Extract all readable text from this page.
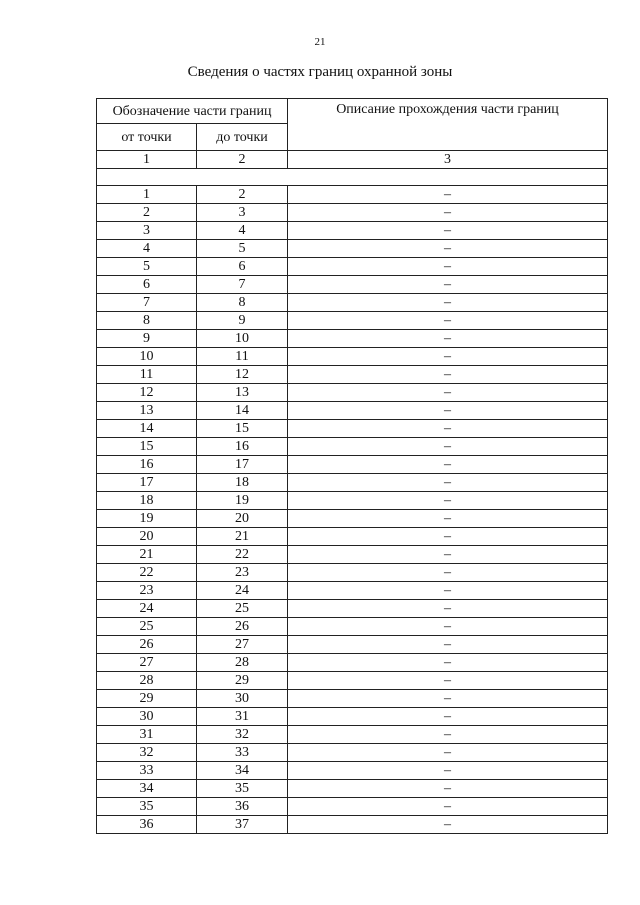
21
Сведения о частях границ охранной зоны
Обозначение части границ		Описание прохождения части границ
от точки	до точки	
1	2	3

1	2	–
2	3	–
3	4	–
4	5	–
5	6	–
6	7	–
7	8	–
8	9	–
9	10	–
10	11	–
11	12	–
12	13	–
13	14	–
14	15	–
15	16	–
16	17	–
17	18	–
18	19	–
19	20	–
20	21	–
21	22	–
22	23	–
23	24	–
24	25	–
25	26	–
26	27	–
27	28	–
28	29	–
29	30	–
30	31	–
31	32	–
32	33	–
33	34	–
34	35	–
35	36	–
36	37	–
